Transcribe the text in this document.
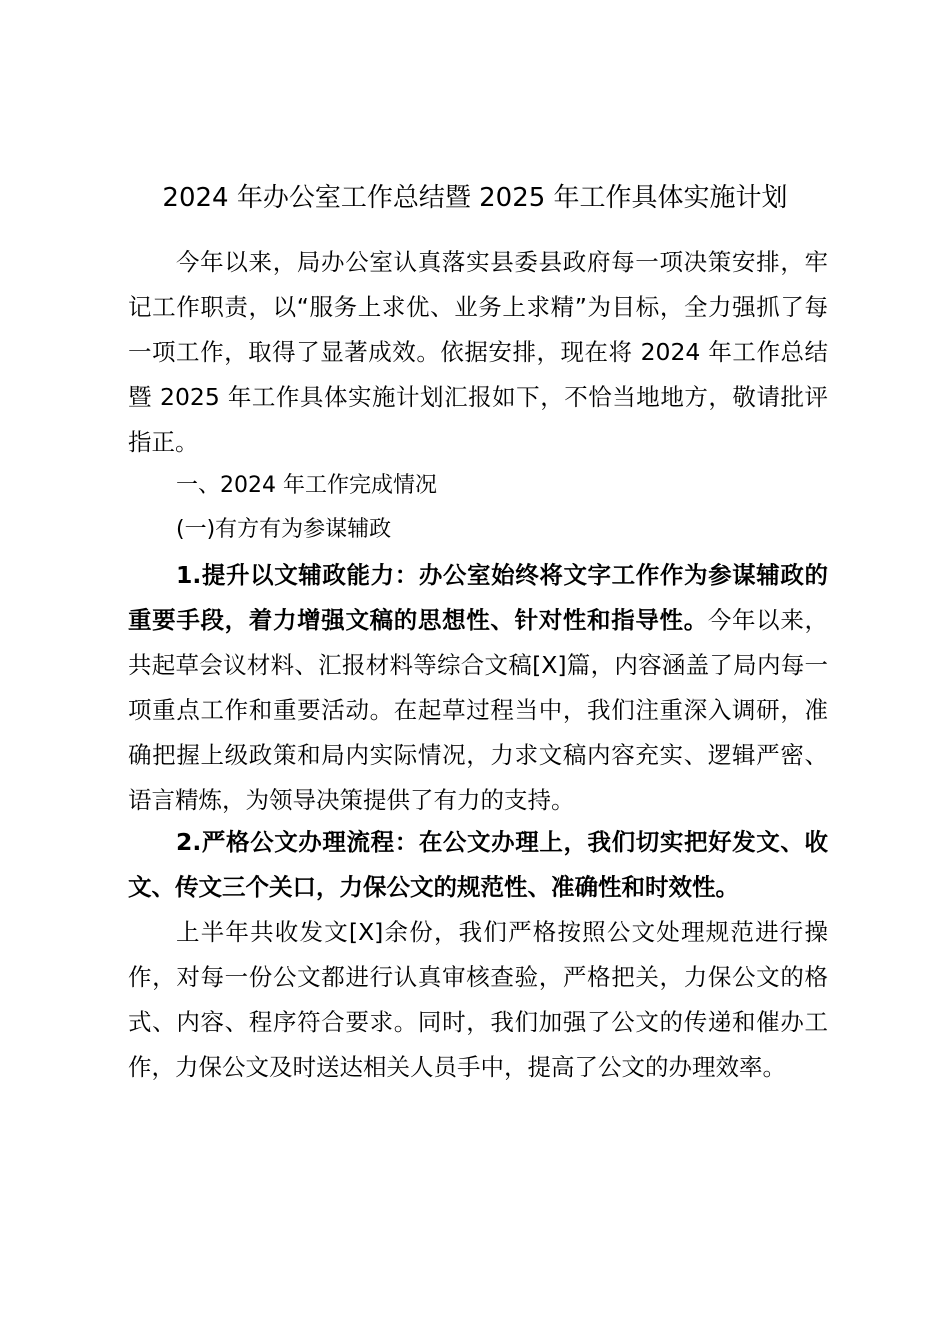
2024 年办公室工作总结暨 2025 年工作具体实施计划

今年以来，局办公室认真落实县委县政府每一项决策安排，牢记工作职责，以“服务上求优、业务上求精”为目标，全力强抓了每一项工作，取得了显著成效。依据安排，现在将 2024 年工作总结暨 2025 年工作具体实施计划汇报如下，不恰当地地方，敬请批评指正。

一、2024 年工作完成情况
(一)有方有为参谋辅政

1.提升以文辅政能力：办公室始终将文字工作作为参谋辅政的重要手段，着力增强文稿的思想性、针对性和指导性。今年以来，共起草会议材料、汇报材料等综合文稿[X]篇，内容涵盖了局内每一项重点工作和重要活动。在起草过程当中，我们注重深入调研，准确把握上级政策和局内实际情况，力求文稿内容充实、逻辑严密、语言精炼，为领导决策提供了有力的支持。

2.严格公文办理流程：在公文办理上，我们切实把好发文、收文、传文三个关口，力保公文的规范性、准确性和时效性。

上半年共收发文[X]余份，我们严格按照公文处理规范进行操作，对每一份公文都进行认真审核查验，严格把关，力保公文的格式、内容、程序符合要求。同时，我们加强了公文的传递和催办工作，力保公文及时送达相关人员手中，提高了公文的办理效率。
